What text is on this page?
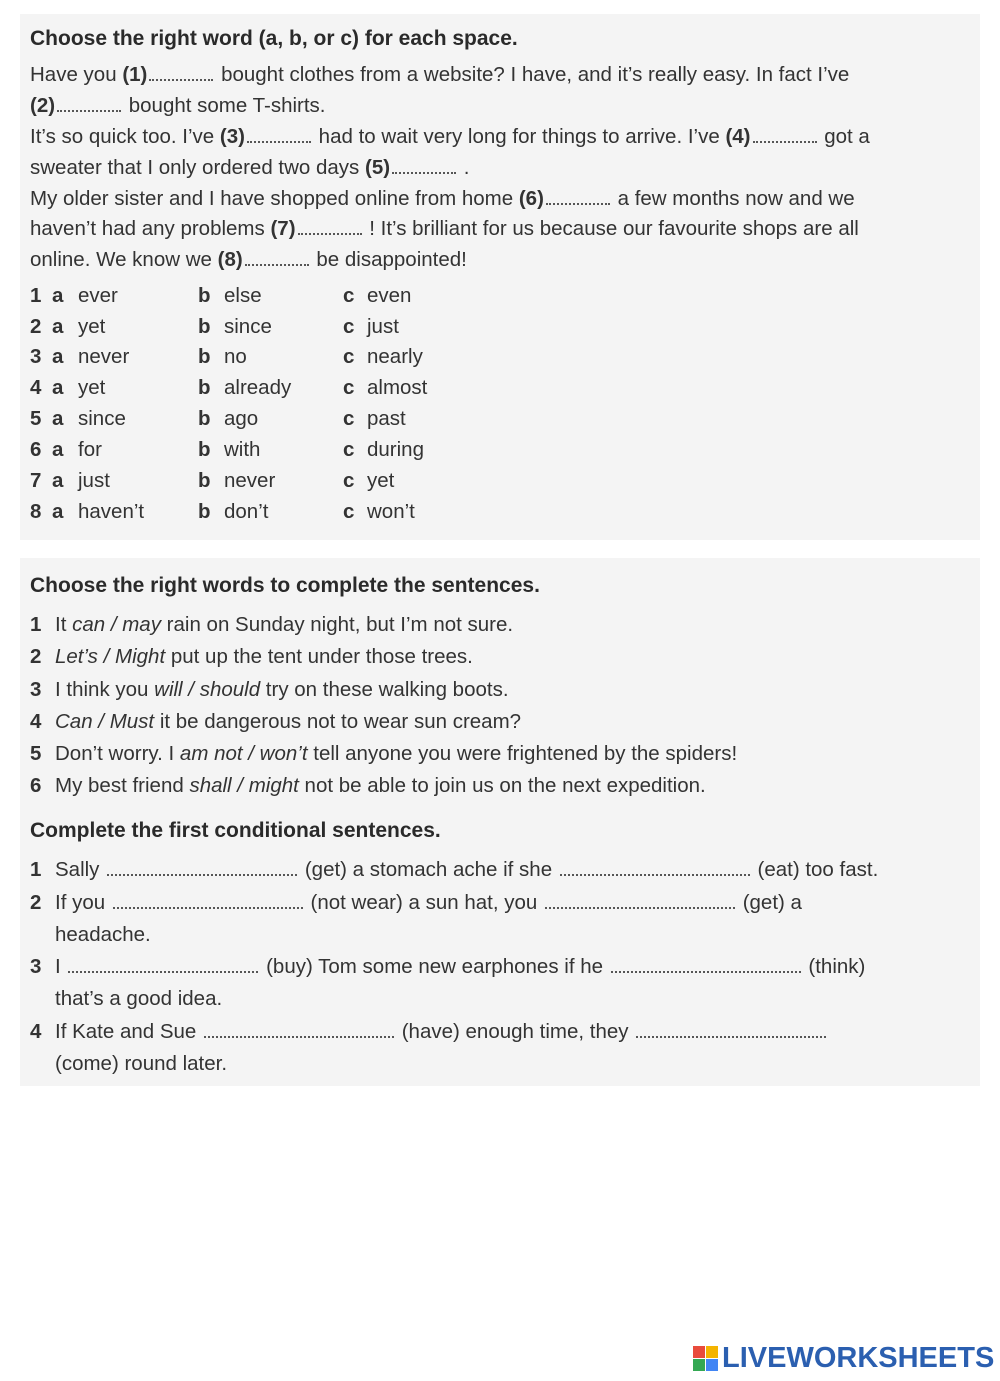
Choose the right word (a, b, or c) for each space.

Have you (1)	bought clothes from a website? I have, and it’s really easy. In fact I’ve

(2)	bought some T-shirts.

It’s so quick too. I’ve (3)	had to wait very long for things to arrive. I’ve (4)	got a

sweater that I only ordered two days (5)	.

My older sister and I have shopped online from home (6)	a few months now and we

haven’t had any problems (7)	! It’s brilliant for us because our favourite shops are all

online. We know we (8)	be disappointed!

1 a ever	b else	c even
2 a yet	b since	c just
3 a never	b no	c nearly
4 a yet	b already	c almost
5 a since	b ago	c past
6 a for	b with	c during
7 a just	b never	c yet
8 a haven’t	b don’t	c won’t

Choose the right words to complete the sentences.

1 It can / may rain on Sunday night, but I’m not sure.

2 Let’s / Might put up the tent under those trees.

3 I think you will / should try on these walking boots.

4 Can / Must it be dangerous not to wear sun cream?

5 Don’t worry. I am not / won’t tell anyone you were frightened by the spiders!

6 My best friend shall / might not be able to join us on the next expedition.

Complete the first conditional sentences.

1 Sally	(get) a stomach ache if she	(eat) too fast.

2 If you	(not wear) a sun hat, you	(get) a

headache.

3 I	(buy) Tom some new earphones if he	(think)

that’s a good idea.

4 If Kate and Sue	(have) enough time, they

(come) round later.

LIVEWORKSHEETS
